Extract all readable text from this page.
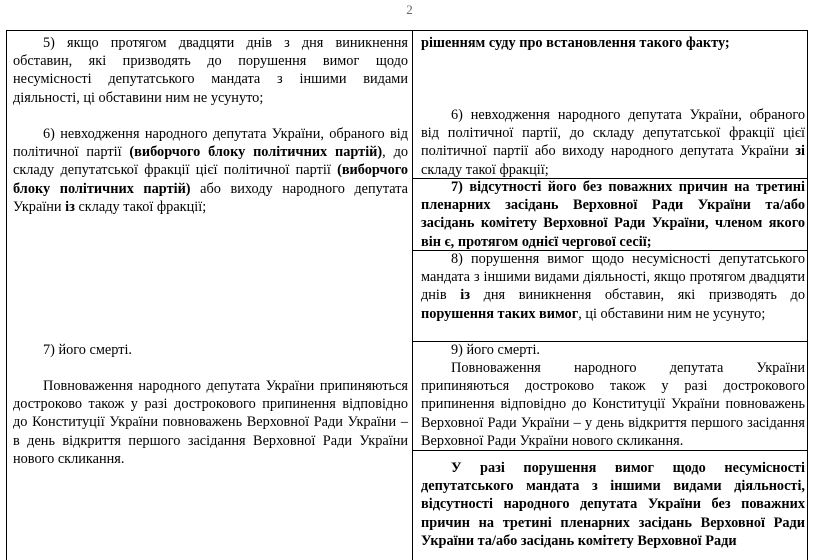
2

5) якщо протягом двадцяти днів з дня виникнення обставин, які призводять до порушення вимог щодо несумісності депутатського мандата з іншими видами діяльності, ці обставини ним не усунуто;

6) невходження народного депутата України, обраного від політичної партії (виборчого блоку політичних партій), до складу депутатської фракції цієї політичної партії (виборчого блоку політичних партій) або виходу народного депутата України із складу такої фракції;

7) його смерті.

Повноваження народного депутата України припиняються достроково також у разі дострокового припинення відповідно до Конституції України повноважень Верховної Ради України – в день відкриття першого засідання Верховної Ради України нового скликання.

рішенням суду про встановлення такого факту;

6) невходження народного депутата України, обраного від політичної партії, до складу депутатської фракції цієї політичної партії або виходу народного депутата України зі складу такої фракції;

7) відсутності його без поважних причин на третині пленарних засідань Верховної Ради України та/або засідань комітету Верховної Ради України, членом якого він є, протягом однієї чергової сесії;

8) порушення вимог щодо несумісності депутатського мандата з іншими видами діяльності, якщо протягом двадцяти днів із дня виникнення обставин, які призводять до порушення таких вимог, ці обставини ним не усунуто;

9) його смерті.

Повноваження народного депутата України припиняються достроково також у разі дострокового припинення відповідно до Конституції України повноважень Верховної Ради України – у день відкриття першого засідання Верховної Ради України нового скликання.

У разі порушення вимог щодо несумісності депутатського мандата з іншими видами діяльності, відсутності народного депутата України без поважних причин на третині пленарних засідань Верховної Ради України та/або засідань комітету Верховної Ради
